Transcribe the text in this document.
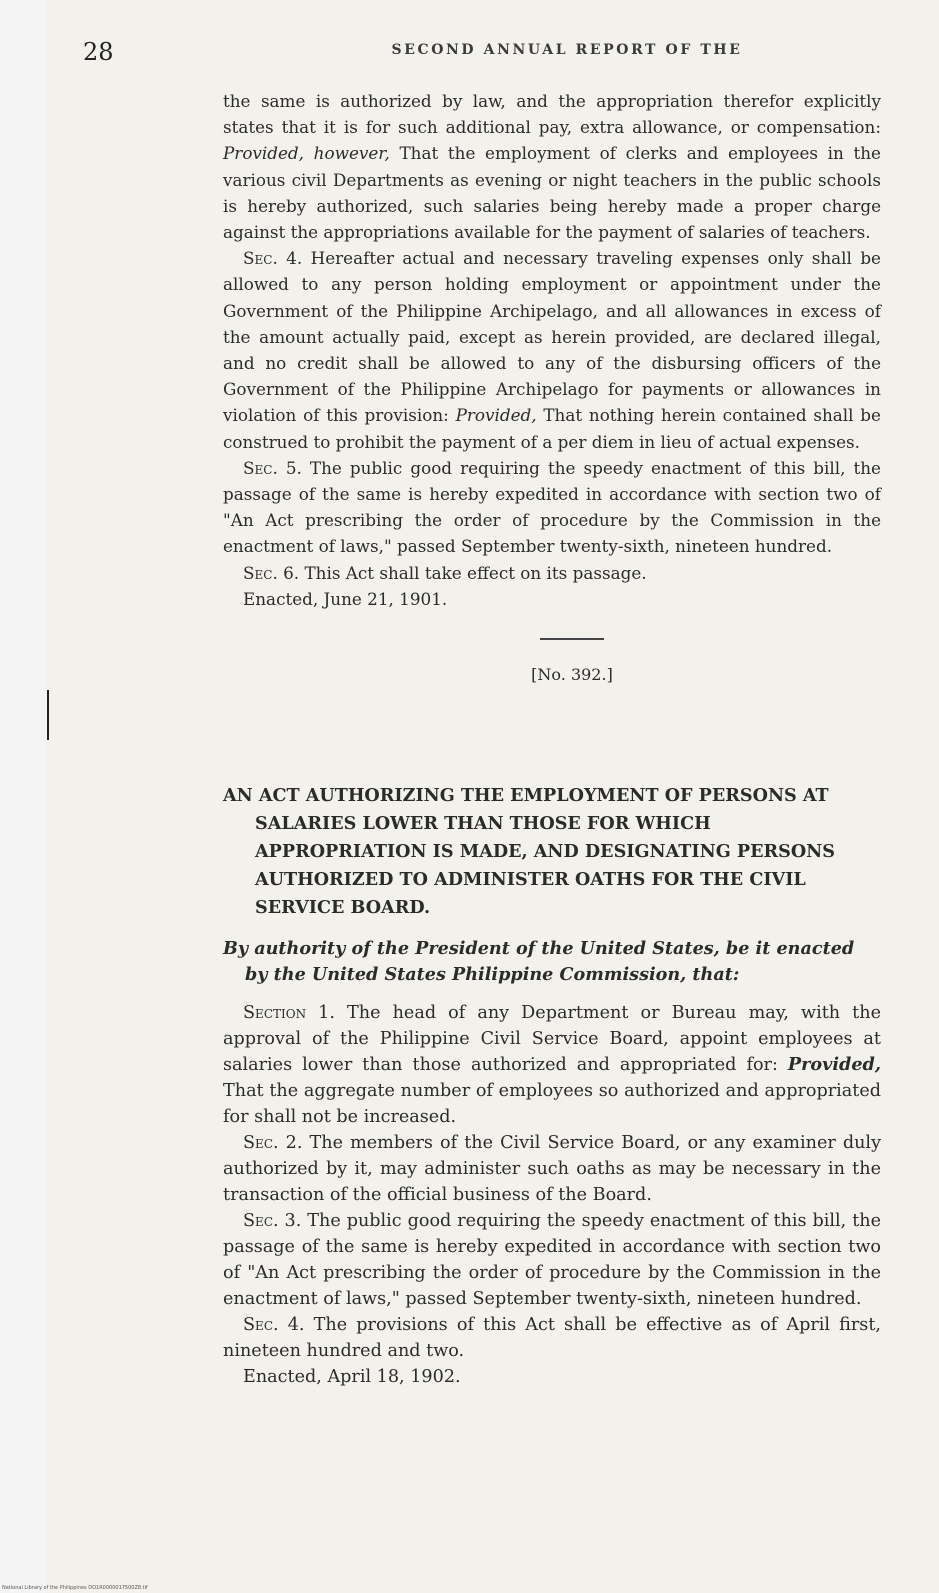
28	SECOND ANNUAL REPORT OF THE

the same is authorized by law, and the appropriation therefor explicitly states that it is for such additional pay, extra allowance, or compensation: Provided, however, That the employment of clerks and employees in the various civil Departments as evening or night teachers in the public schools is hereby authorized, such salaries being hereby made a proper charge against the appropriations available for the payment of salaries of teachers.

Sec. 4. Hereafter actual and necessary traveling expenses only shall be allowed to any person holding employment or appointment under the Government of the Philippine Archipelago, and all allowances in excess of the amount actually paid, except as herein provided, are declared illegal, and no credit shall be allowed to any of the disbursing officers of the Government of the Philippine Archipelago for payments or allowances in violation of this provision: Provided, That nothing herein contained shall be construed to prohibit the payment of a per diem in lieu of actual expenses.

Sec. 5. The public good requiring the speedy enactment of this bill, the passage of the same is hereby expedited in accordance with section two of "An Act prescribing the order of procedure by the Commission in the enactment of laws," passed September twenty-sixth, nineteen hundred.

Sec. 6. This Act shall take effect on its passage.

Enacted, June 21, 1901.

[No. 392.]

AN ACT AUTHORIZING THE EMPLOYMENT OF PERSONS AT SALARIES LOWER THAN THOSE FOR WHICH APPROPRIATION IS MADE, AND DESIGNATING PERSONS AUTHORIZED TO ADMINISTER OATHS FOR THE CIVIL SERVICE BOARD.

By authority of the President of the United States, be it enacted by the United States Philippine Commission, that:

Section 1. The head of any Department or Bureau may, with the approval of the Philippine Civil Service Board, appoint employees at salaries lower than those authorized and appropriated for: Provided, That the aggregate number of employees so authorized and appropriated for shall not be increased.

Sec. 2. The members of the Civil Service Board, or any examiner duly authorized by it, may administer such oaths as may be necessary in the transaction of the official business of the Board.

Sec. 3. The public good requiring the speedy enactment of this bill, the passage of the same is hereby expedited in accordance with section two of "An Act prescribing the order of procedure by the Commission in the enactment of laws," passed September twenty-sixth, nineteen hundred.

Sec. 4. The provisions of this Act shall be effective as of April first, nineteen hundred and two.

Enacted, April 18, 1902.

National Library of the Philippines DO1R0000017500Z8.tif
